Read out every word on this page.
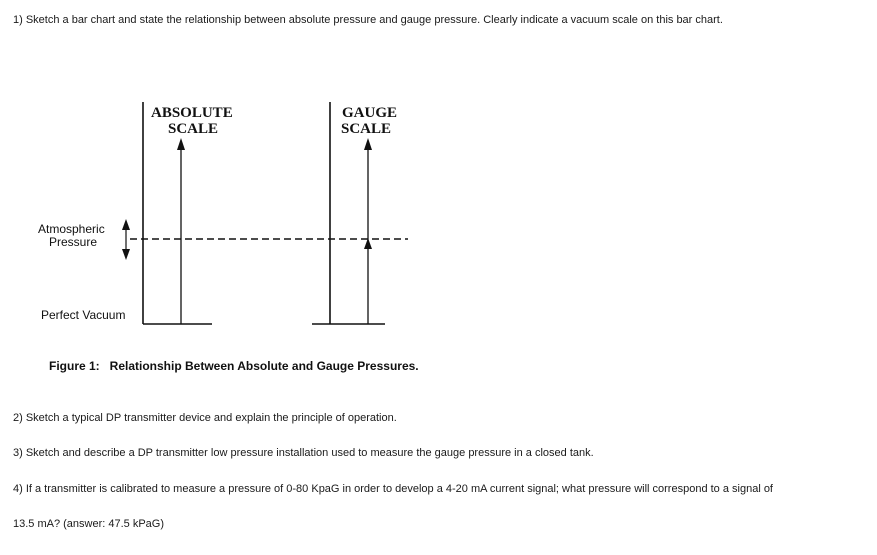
1) Sketch a bar chart and state the relationship between absolute pressure and gauge pressure. Clearly indicate a vacuum scale on this bar chart.
ABSOLUTE
SCALE
GAUGE
SCALE
Atmospheric
Pressure
Perfect Vacuum
Figure 1:   Relationship Between Absolute and Gauge Pressures.
2) Sketch a typical DP transmitter device and explain the principle of operation.
3) Sketch and describe a DP transmitter low pressure installation used to measure the gauge pressure in a closed tank.
4) If a transmitter is calibrated to measure a pressure of 0-80 KpaG in order to develop a 4-20 mA current signal; what pressure will correspond to a signal of
13.5 mA? (answer: 47.5 kPaG)
